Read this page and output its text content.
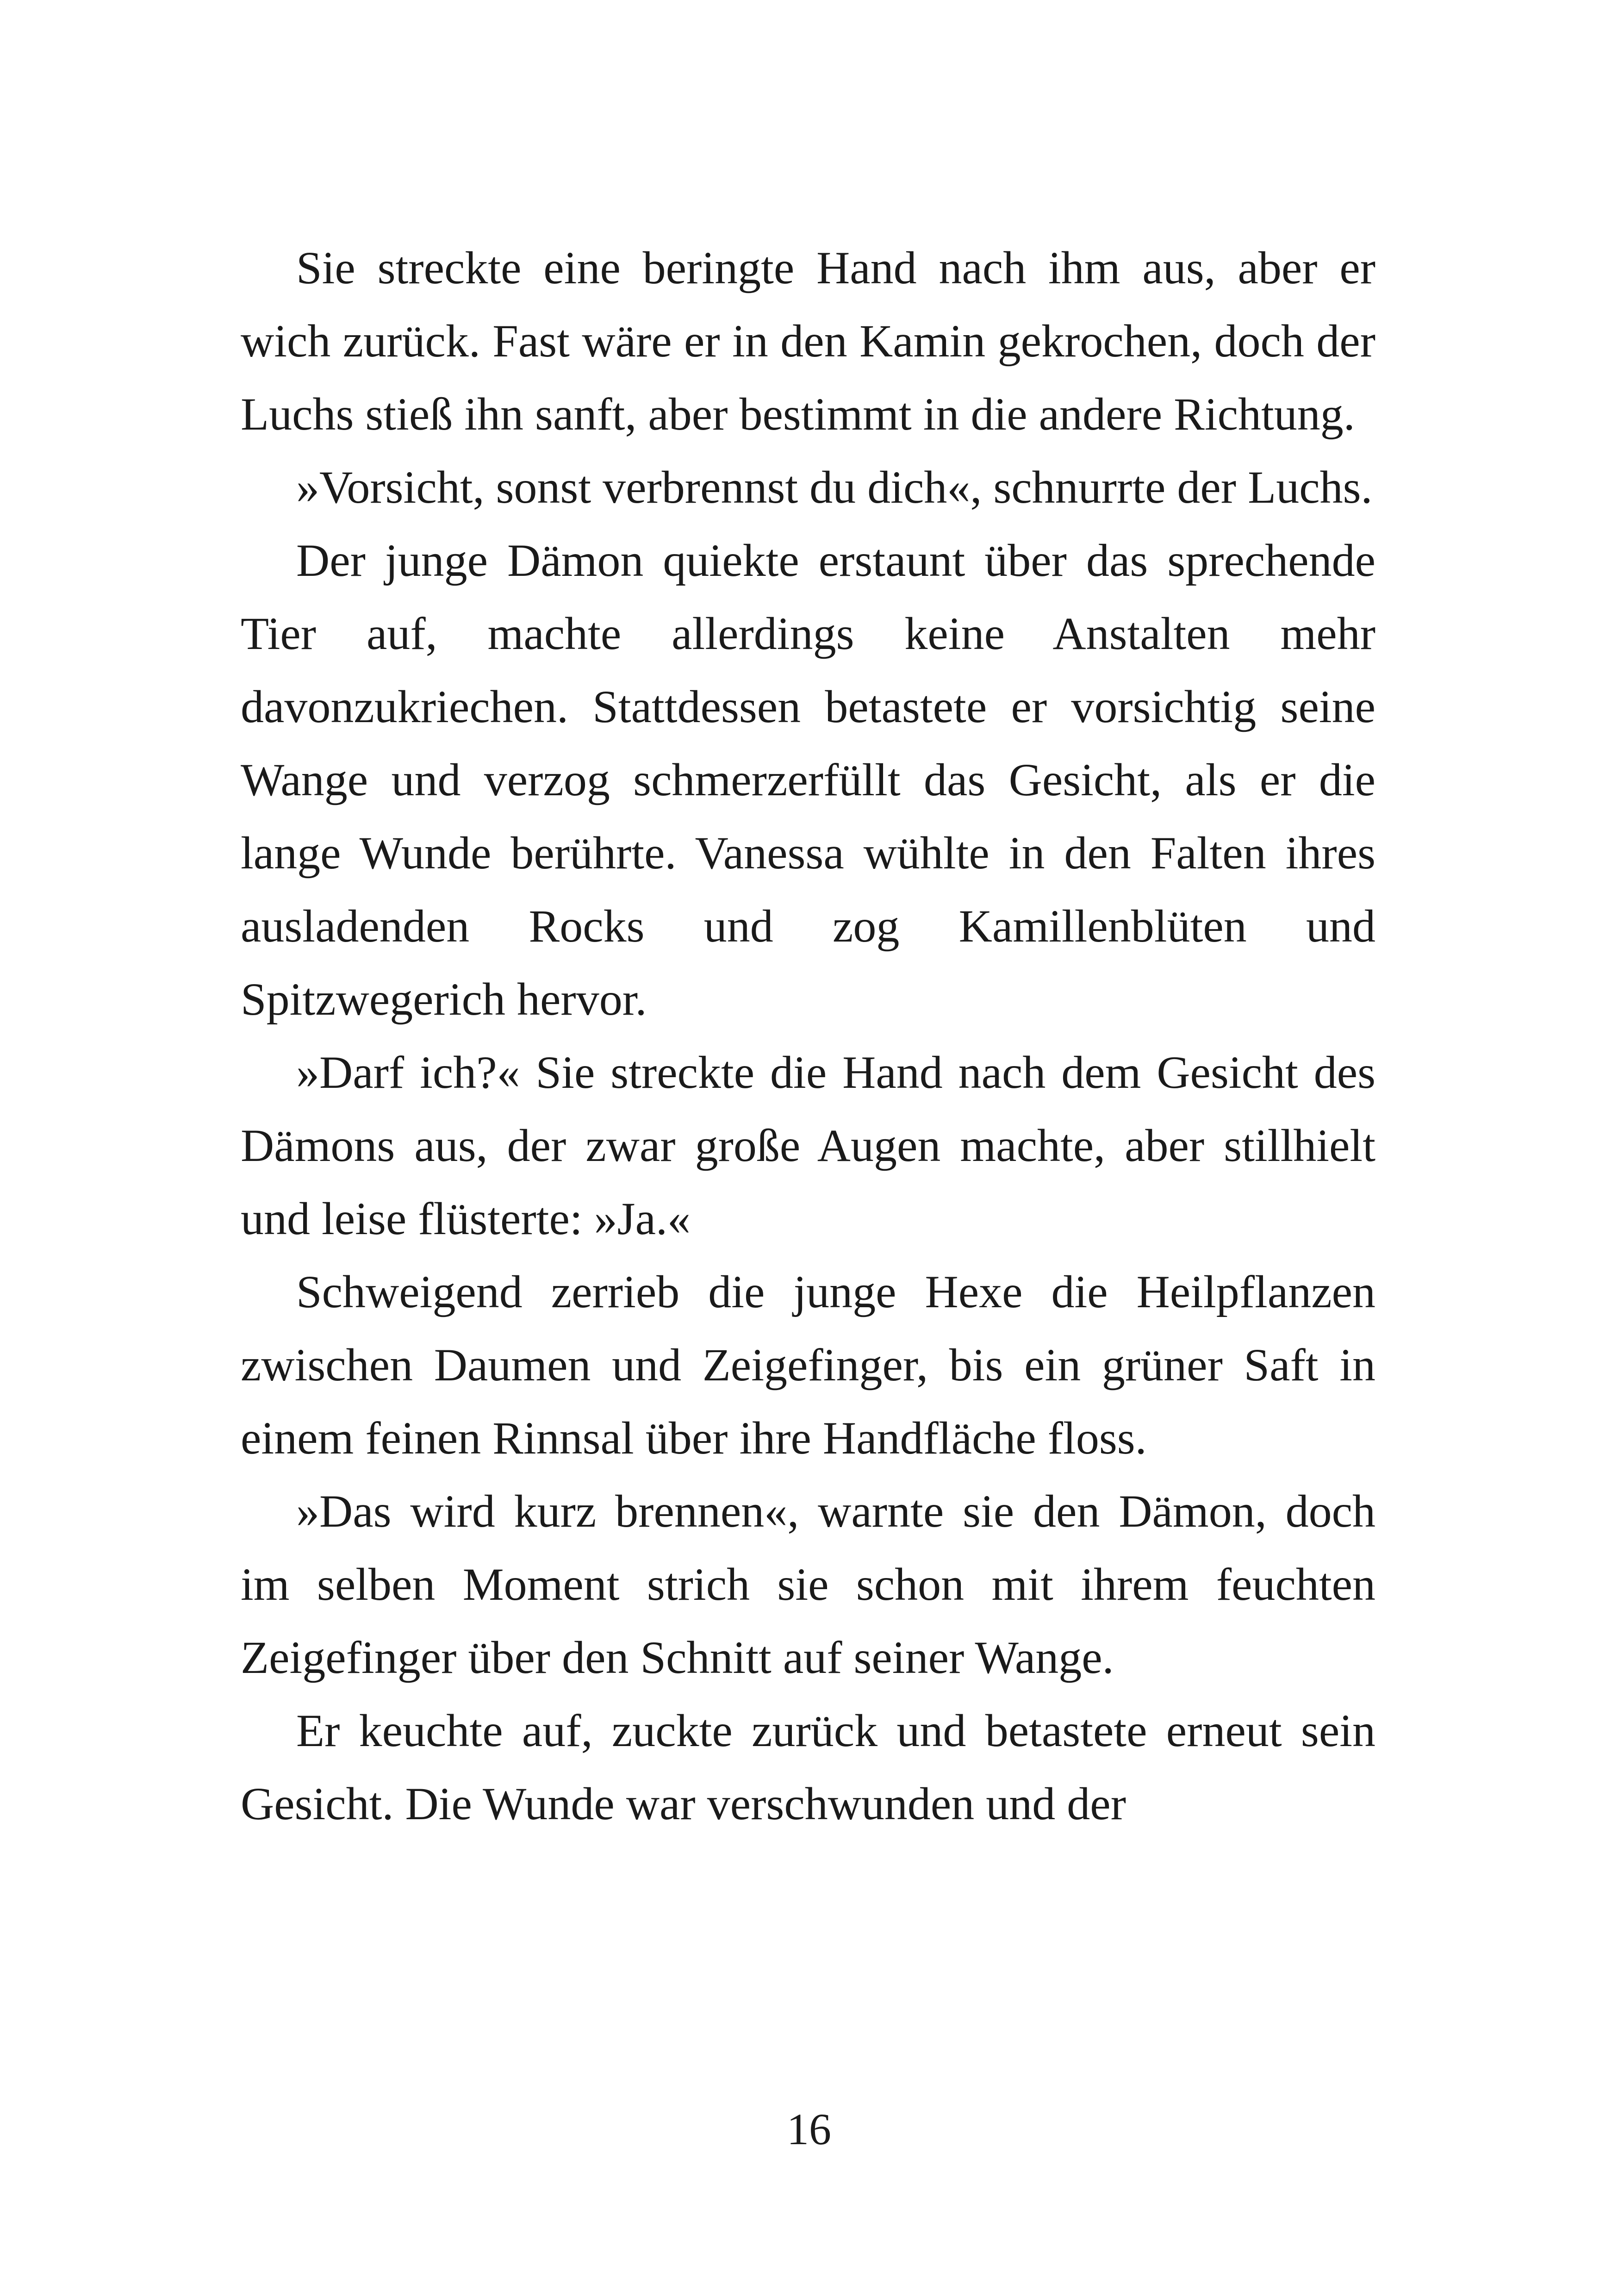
Sie streckte eine beringte Hand nach ihm aus, aber er wich zurück. Fast wäre er in den Kamin gekrochen, doch der Luchs stieß ihn sanft, aber bestimmt in die andere Richtung.

»Vorsicht, sonst verbrennst du dich«, schnurrte der Luchs.

Der junge Dämon quiekte erstaunt über das sprechende Tier auf, machte allerdings keine Anstalten mehr davonzukriechen. Stattdessen betastete er vorsichtig seine Wange und verzog schmerzerfüllt das Gesicht, als er die lange Wunde berührte. Vanessa wühlte in den Falten ihres ausladenden Rocks und zog Kamillenblüten und Spitzwegerich hervor.

»Darf ich?« Sie streckte die Hand nach dem Gesicht des Dämons aus, der zwar große Augen machte, aber stillhielt und leise flüsterte: »Ja.«

Schweigend zerrieb die junge Hexe die Heilpflanzen zwischen Daumen und Zeigefinger, bis ein grüner Saft in einem feinen Rinnsal über ihre Handfläche floss.

»Das wird kurz brennen«, warnte sie den Dämon, doch im selben Moment strich sie schon mit ihrem feuchten Zeigefinger über den Schnitt auf seiner Wange.

Er keuchte auf, zuckte zurück und betastete erneut sein Gesicht. Die Wunde war verschwunden und der

16
